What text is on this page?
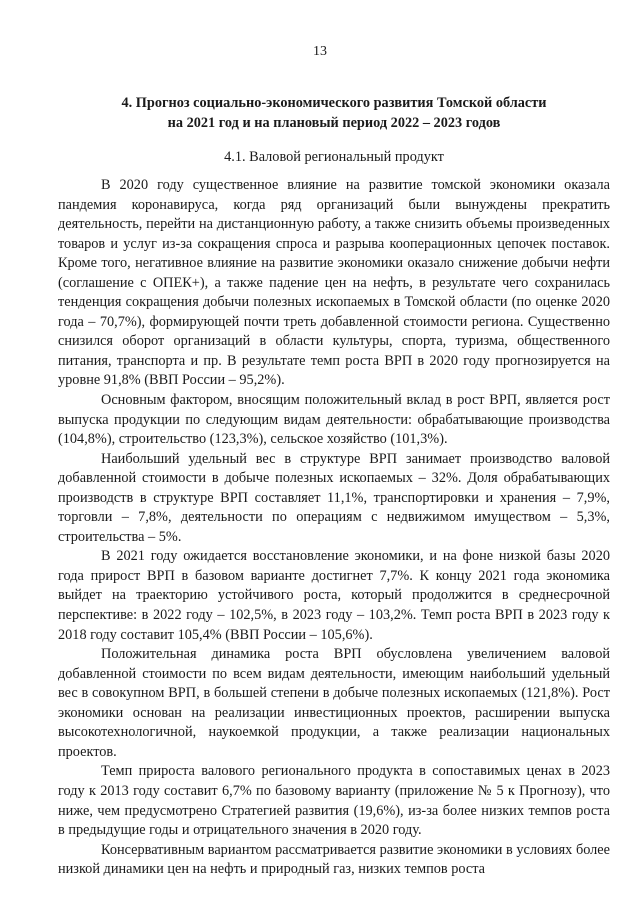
13
4. Прогноз социально-экономического развития Томской области
на 2021 год и на плановый период 2022 – 2023 годов
4.1. Валовой региональный продукт

В 2020 году существенное влияние на развитие томской экономики оказала пандемия коронавируса, когда ряд организаций были вынуждены прекратить деятельность, перейти на дистанционную работу, а также снизить объемы произведенных товаров и услуг из-за сокращения спроса и разрыва кооперационных цепочек поставок. Кроме того, негативное влияние на развитие экономики оказало снижение добычи нефти (соглашение с ОПЕК+), а также падение цен на нефть, в результате чего сохранилась тенденция сокращения добычи полезных ископаемых в Томской области (по оценке 2020 года – 70,7%), формирующей почти треть добавленной стоимости региона. Существенно снизился оборот организаций в области культуры, спорта, туризма, общественного питания, транспорта и пр. В результате темп роста ВРП в 2020 году прогнозируется на уровне 91,8% (ВВП России – 95,2%).

Основным фактором, вносящим положительный вклад в рост ВРП, является рост выпуска продукции по следующим видам деятельности: обрабатывающие производства (104,8%), строительство (123,3%), сельское хозяйство (101,3%).

Наибольший удельный вес в структуре ВРП занимает производство валовой добавленной стоимости в добыче полезных ископаемых – 32%. Доля обрабатывающих производств в структуре ВРП составляет 11,1%, транспортировки и хранения – 7,9%, торговли – 7,8%, деятельности по операциям с недвижимом имуществом – 5,3%, строительства – 5%.

В 2021 году ожидается восстановление экономики, и на фоне низкой базы 2020 года прирост ВРП в базовом варианте достигнет 7,7%. К концу 2021 года экономика выйдет на траекторию устойчивого роста, который продолжится в среднесрочной перспективе: в 2022 году – 102,5%, в 2023 году – 103,2%. Темп роста ВРП в 2023 году к 2018 году составит 105,4% (ВВП России – 105,6%).

Положительная динамика роста ВРП обусловлена увеличением валовой добавленной стоимости по всем видам деятельности, имеющим наибольший удельный вес в совокупном ВРП, в большей степени в добыче полезных ископаемых (121,8%). Рост экономики основан на реализации инвестиционных проектов, расширении выпуска высокотехнологичной, наукоемкой продукции, а также реализации национальных проектов.

Темп прироста валового регионального продукта в сопоставимых ценах в 2023 году к 2013 году составит 6,7% по базовому варианту (приложение № 5 к Прогнозу), что ниже, чем предусмотрено Стратегией развития (19,6%), из-за более низких темпов роста в предыдущие годы и отрицательного значения в 2020 году.

Консервативным вариантом рассматривается развитие экономики в условиях более низкой динамики цен на нефть и природный газ, низких темпов роста
